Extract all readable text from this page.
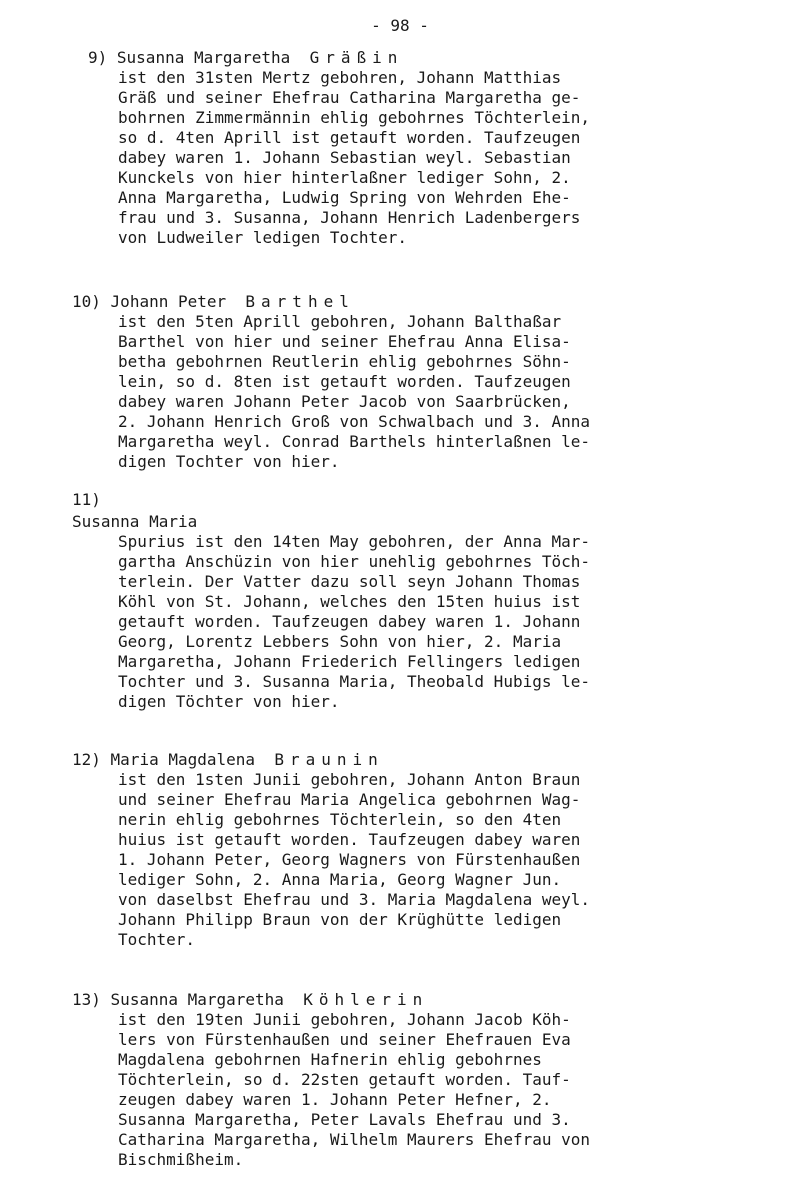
- 98 -
9) Susanna Margaretha Gräßin
ist den 31sten Mertz gebohren, Johann Matthias
Gräß und seiner Ehefrau Catharina Margaretha ge-
bohrnen Zimmermännin ehlig gebohrnes Töchterlein,
so d. 4ten Aprill ist getauft worden. Taufzeugen
dabey waren 1. Johann Sebastian weyl. Sebastian
Kunckels von hier hinterlaßner lediger Sohn, 2.
Anna Margaretha, Ludwig Spring von Wehrden Ehe-
frau und 3. Susanna, Johann Henrich Ladenbergers
von Ludweiler ledigen Tochter.
10) Johann Peter Barthel
ist den 5ten Aprill gebohren, Johann Balthaßar
Barthel von hier und seiner Ehefrau Anna Elisa-
betha gebohrnen Reutlerin ehlig gebohrnes Söhn-
lein, so d. 8ten ist getauft worden. Taufzeugen
dabey waren Johann Peter Jacob von Saarbrücken,
2. Johann Henrich Groß von Schwalbach und 3. Anna
Margaretha weyl. Conrad Barthels hinterlaßnen le-
digen Tochter von hier.
11)
Susanna Maria
Spurius ist den 14ten May gebohren, der Anna Mar-
gartha Anschüzin von hier unehlig gebohrnes Töch-
terlein. Der Vatter dazu soll seyn Johann Thomas
Köhl von St. Johann, welches den 15ten huius ist
getauft worden. Taufzeugen dabey waren 1. Johann
Georg, Lorentz Lebbers Sohn von hier, 2. Maria
Margaretha, Johann Friederich Fellingers ledigen
Tochter und 3. Susanna Maria, Theobald Hubigs le-
digen Töchter von hier.
12) Maria Magdalena Braunin
ist den 1sten Junii gebohren, Johann Anton Braun
und seiner Ehefrau Maria Angelica gebohrnen Wag-
nerin ehlig gebohrnes Töchterlein, so den 4ten
huius ist getauft worden. Taufzeugen dabey waren
1. Johann Peter, Georg Wagners von Fürstenhaußen
lediger Sohn, 2. Anna Maria, Georg Wagner Jun.
von daselbst Ehefrau und 3. Maria Magdalena weyl.
Johann Philipp Braun von der Krüghütte ledigen
Tochter.
13) Susanna Margaretha Köhlerin
ist den 19ten Junii gebohren, Johann Jacob Köh-
lers von Fürstenhaußen und seiner Ehefrauen Eva
Magdalena gebohrnen Hafnerin ehlig gebohrnes
Töchterlein, so d. 22sten getauft worden. Tauf-
zeugen dabey waren 1. Johann Peter Hefner, 2.
Susanna Margaretha, Peter Lavals Ehefrau und 3.
Catharina Margaretha, Wilhelm Maurers Ehefrau von
Bischmißheim.
